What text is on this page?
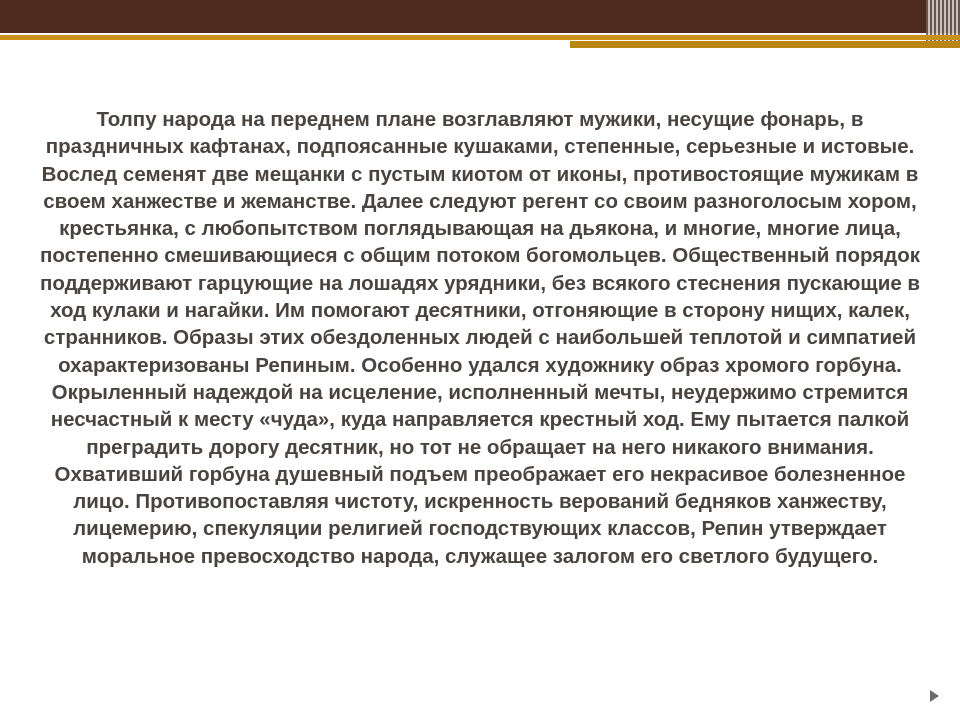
Толпу народа на переднем плане возглавляют мужики, несущие фонарь, в праздничных кафтанах, подпоясанные кушаками, степенные, серьезные и истовые. Вослед семенят две мещанки с пустым киотом от иконы, противостоящие мужикам в своем ханжестве и жеманстве. Далее следуют регент со своим разноголосым хором, крестьянка, с любопытством поглядывающая на дьякона, и многие, многие лица, постепенно смешивающиеся с общим потоком богомольцев. Общественный порядок поддерживают гарцующие на лошадях урядники, без всякого стеснения пускающие в ход кулаки и нагайки. Им помогают десятники, отгоняющие в сторону нищих, калек, странников. Образы этих обездоленных людей с наибольшей теплотой и симпатией охарактеризованы Репиным. Особенно удался художнику образ хромого горбуна. Окрыленный надеждой на исцеление, исполненный мечты, неудержимо стремится несчастный к месту «чуда», куда направляется крестный ход. Ему пытается палкой преградить дорогу десятник, но тот не обращает на него никакого внимания. Охвативший горбуна душевный подъем преображает его некрасивое болезненное лицо. Противопоставляя чистоту, искренность верований бедняков ханжеству, лицемерию, спекуляции религией господствующих классов, Репин утверждает моральное превосходство народа, служащее залогом его светлого будущего.
